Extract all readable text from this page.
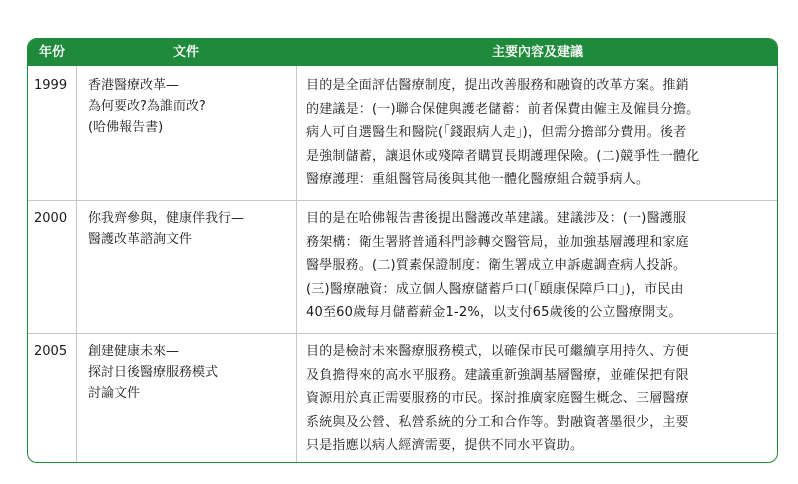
年份	文件	主要內容及建議
1999 香港醫療改革—
為何要改?為誰而改?
(哈佛報告書)
目的是全面評估醫療制度，提出改善服務和融資的改革方案。推銷
的建議是：(一)聯合保健與護老儲蓄：前者保費由僱主及僱員分擔。
病人可自選醫生和醫院(「錢跟病人走」)，但需分擔部分費用。後者
是強制儲蓄，讓退休或殘障者購買長期護理保險。(二)競爭性一體化
醫療護理：重組醫管局後與其他一體化醫療組合競爭病人。
2000 你我齊參與，健康伴我行—
醫護改革諮詢文件
目的是在哈佛報告書後提出醫護改革建議。建議涉及：(一)醫護服
務架構：衛生署將普通科門診轉交醫管局，並加強基層護理和家庭
醫學服務。(二)質素保證制度：衛生署成立申訴處調查病人投訴。
(三)醫療融資：成立個人醫療儲蓄戶口(「頤康保障戶口」)，市民由
40至60歲每月儲蓄薪金1-2%，以支付65歲後的公立醫療開支。
2005 創建健康未來—
探討日後醫療服務模式
討論文件
目的是檢討未來醫療服務模式，以確保市民可繼續享用持久、方便
及負擔得來的高水平服務。建議重新強調基層醫療，並確保把有限
資源用於真正需要服務的市民。探討推廣家庭醫生概念、三層醫療
系統與及公營、私營系統的分工和合作等。對融資著墨很少，主要
只是指應以病人經濟需要，提供不同水平資助。
